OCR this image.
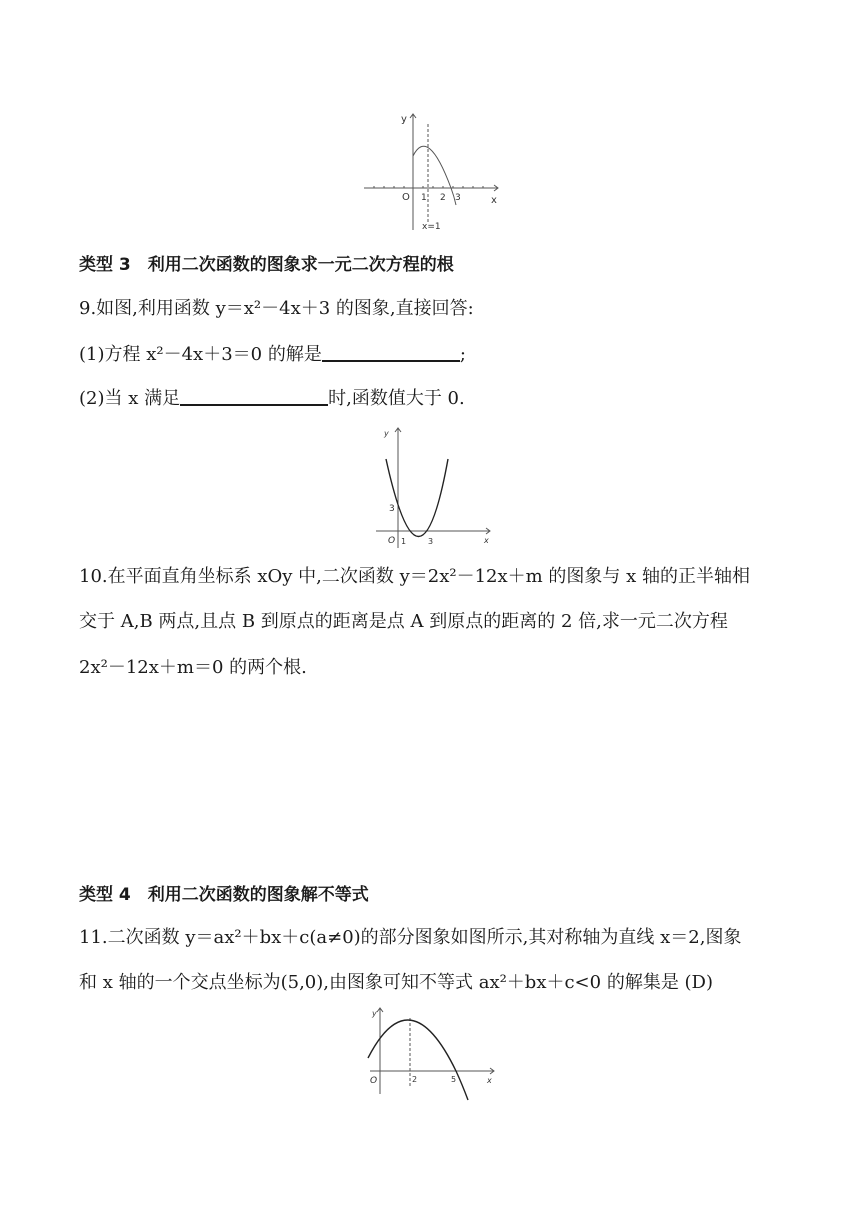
y
x
O 1 2 3
x=1
类型 3　利用二次函数的图象求一元二次方程的根
9.如图,利用函数 y＝x²－4x＋3 的图象,直接回答:
(1)方程 x²－4x＋3＝0 的解是	;
(2)当 x 满足	时,函数值大于 0.
y
x
O
3
1	3
10.在平面直角坐标系 xOy 中,二次函数 y＝2x²－12x＋m 的图象与 x 轴的正半轴相
交于 A,B 两点,且点 B 到原点的距离是点 A 到原点的距离的 2 倍,求一元二次方程
2x²－12x＋m＝0 的两个根.
类型 4　利用二次函数的图象解不等式
11.二次函数 y＝ax²＋bx＋c(a≠0)的部分图象如图所示,其对称轴为直线 x＝2,图象
和 x 轴的一个交点坐标为(5,0),由图象可知不等式 ax²＋bx＋c<0 的解集是 (D)
y
x
O	2	5
